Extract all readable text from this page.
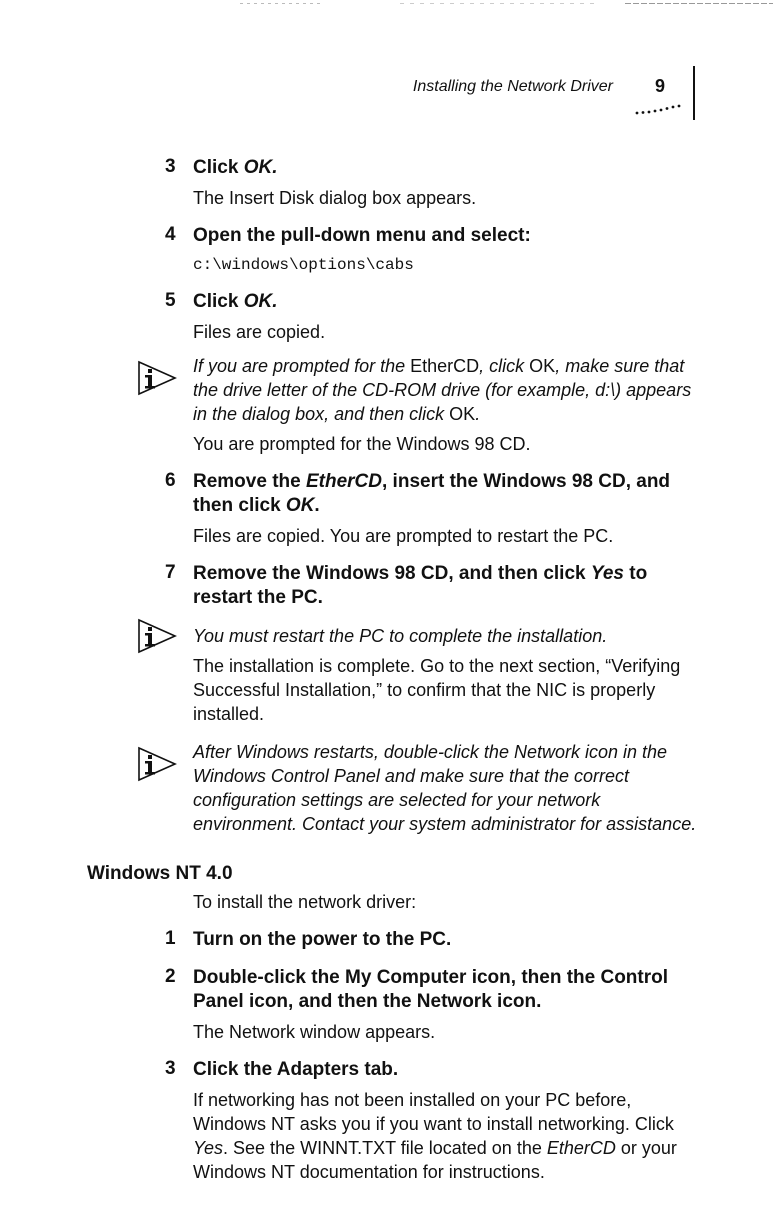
Installing the Network Driver 9
3 Click OK.
The Insert Disk dialog box appears.
4 Open the pull-down menu and select:
c:\windows\options\cabs
5 Click OK.
Files are copied.
If you are prompted for the EtherCD, click OK, make sure that the drive letter of the CD-ROM drive (for example, d:\) appears in the dialog box, and then click OK.
You are prompted for the Windows 98 CD.
6 Remove the EtherCD, insert the Windows 98 CD, and then click OK.
Files are copied. You are prompted to restart the PC.
7 Remove the Windows 98 CD, and then click Yes to restart the PC.
You must restart the PC to complete the installation.
The installation is complete. Go to the next section, “Verifying Successful Installation,” to confirm that the NIC is properly installed.
After Windows restarts, double-click the Network icon in the Windows Control Panel and make sure that the correct configuration settings are selected for your network environment. Contact your system administrator for assistance.
Windows NT 4.0
To install the network driver:
1 Turn on the power to the PC.
2 Double-click the My Computer icon, then the Control Panel icon, and then the Network icon.
The Network window appears.
3 Click the Adapters tab.
If networking has not been installed on your PC before, Windows NT asks you if you want to install networking. Click Yes. See the WINNT.TXT file located on the EtherCD or your Windows NT documentation for instructions.
